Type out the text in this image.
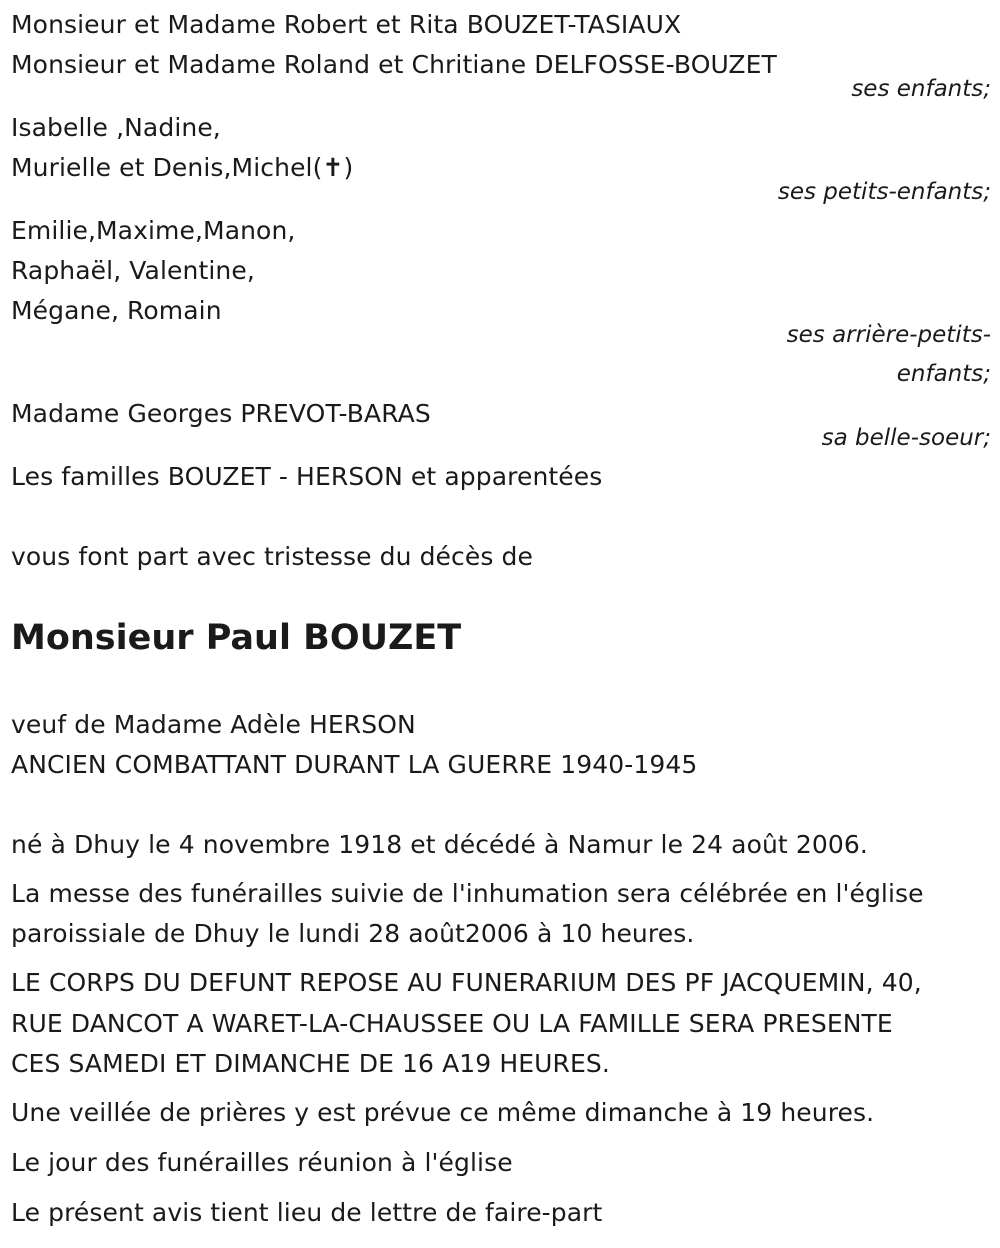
Monsieur et Madame Robert et Rita BOUZET-TASIAUX
Monsieur et Madame Roland et Chritiane DELFOSSE-BOUZET
ses enfants;
Isabelle ,Nadine,
Murielle et Denis,Michel(✝)
ses petits-enfants;
Emilie,Maxime,Manon,
Raphaël, Valentine,
Mégane, Romain
ses arrière-petits-
enfants;
Madame Georges PREVOT-BARAS
sa belle-soeur;
Les familles BOUZET - HERSON et apparentées
vous font part avec tristesse du décès de
Monsieur Paul BOUZET
veuf de Madame Adèle HERSON
ANCIEN COMBATTANT DURANT LA GUERRE 1940-1945
né à Dhuy le 4 novembre 1918 et décédé à Namur le 24 août 2006.
La messe des funérailles suivie de l'inhumation sera célébrée en l'église
paroissiale de Dhuy le lundi 28 août2006 à 10 heures.
LE CORPS DU DEFUNT REPOSE AU FUNERARIUM DES PF JACQUEMIN, 40,
RUE DANCOT A WARET-LA-CHAUSSEE OU LA FAMILLE SERA PRESENTE
CES SAMEDI ET DIMANCHE DE 16 A19 HEURES.
Une veillée de prières y est prévue ce même dimanche à 19 heures.
Le jour des funérailles réunion à l'église
Le présent avis tient lieu de lettre de faire-part
